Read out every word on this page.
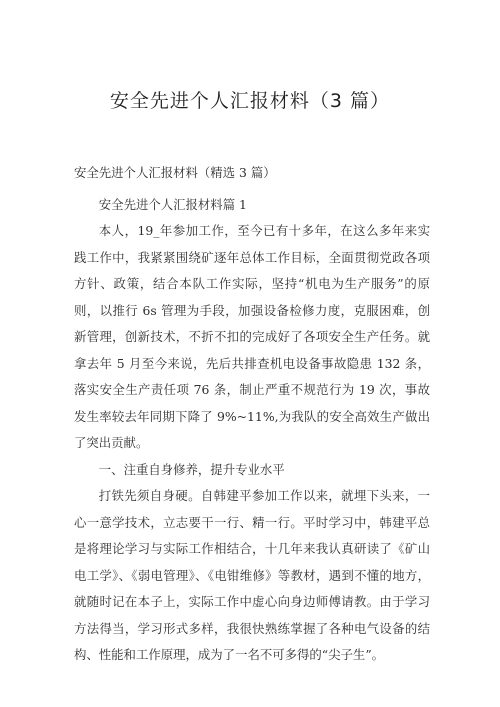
安全先进个人汇报材料（3 篇）

安全先进个人汇报材料（精选 3 篇）

安全先进个人汇报材料篇 1

本人，19_年参加工作，至今已有十多年，在这么多年来实践工作中，我紧紧围绕矿逐年总体工作目标，全面贯彻党政各项方针、政策，结合本队工作实际，坚持“机电为生产服务”的原则，以推行 6s 管理为手段，加强设备检修力度，克服困难，创新管理，创新技术，不折不扣的完成好了各项安全生产任务。就拿去年 5 月至今来说，先后共排查机电设备事故隐患 132 条，落实安全生产责任项 76 条，制止严重不规范行为 19 次，事故发生率较去年同期下降了 9%~11%,为我队的安全高效生产做出了突出贡献。

一、注重自身修养，提升专业水平

打铁先须自身硬。自韩建平参加工作以来，就埋下头来，一心一意学技术，立志要干一行、精一行。平时学习中，韩建平总是将理论学习与实际工作相结合，十几年来我认真研读了《矿山电工学》、《弱电管理》、《电钳维修》等教材，遇到不懂的地方，就随时记在本子上，实际工作中虚心向身边师傅请教。由于学习方法得当，学习形式多样，我很快熟练掌握了各种电气设备的结构、性能和工作原理，成为了一名不可多得的“尖子生”。
